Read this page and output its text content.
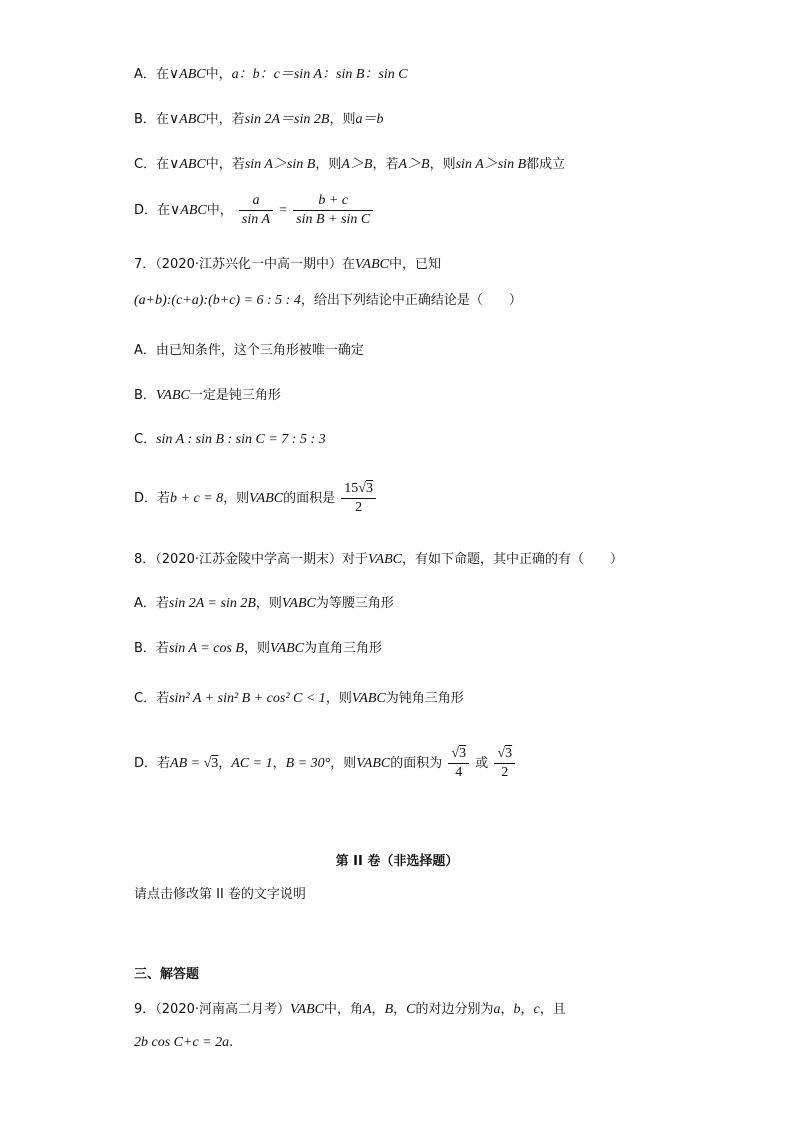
A．在∨ABC中，a：b：c＝sin A：sin B：sin C
B．在∨ABC中，若sin 2A＝sin 2B，则a＝b
C．在∨ABC中，若sin A＞sin B，则A＞B，若A＞B，则sin A＞sin B都成立
D．在∨ABC中， $\frac{a}{\text{sin A}} = \frac{b + c}{\text{sin B + sin C}}$
7．（2020·江苏兴化一中高一期中）在VABC中，已知
(a+b):(c+a):(b+c) = 6 : 5 : 4，给出下列结论中正确结论是（　　）
A．由已知条件，这个三角形被唯一确定
B．VABC一定是钝三角形
C．sin A : sin B : sin C = 7 : 5 : 3
D．若b + c = 8，则VABC的面积是 $\frac{15√3}{2}$
8．（2020·江苏金陵中学高一期末）对于VABC，有如下命题，其中正确的有（　　）
A．若sin 2A = sin 2B，则VABC为等腰三角形
B．若sin A = cos B，则VABC为直角三角形
C．若sin² A + sin² B + cos² C < 1，则VABC为钝角三角形
D．若AB = √3，AC = 1，B = 30°，则VABC的面积为 $\frac{√3}{4}$ 或 $\frac{√3}{2}$
第 II 卷（非选择题）
请点击修改第 II 卷的文字说明
三、解答题
9．（2020·河南高二月考）VABC中，角A，B，C的对边分别为a，b，c，且
2b cos C+c = 2a.
